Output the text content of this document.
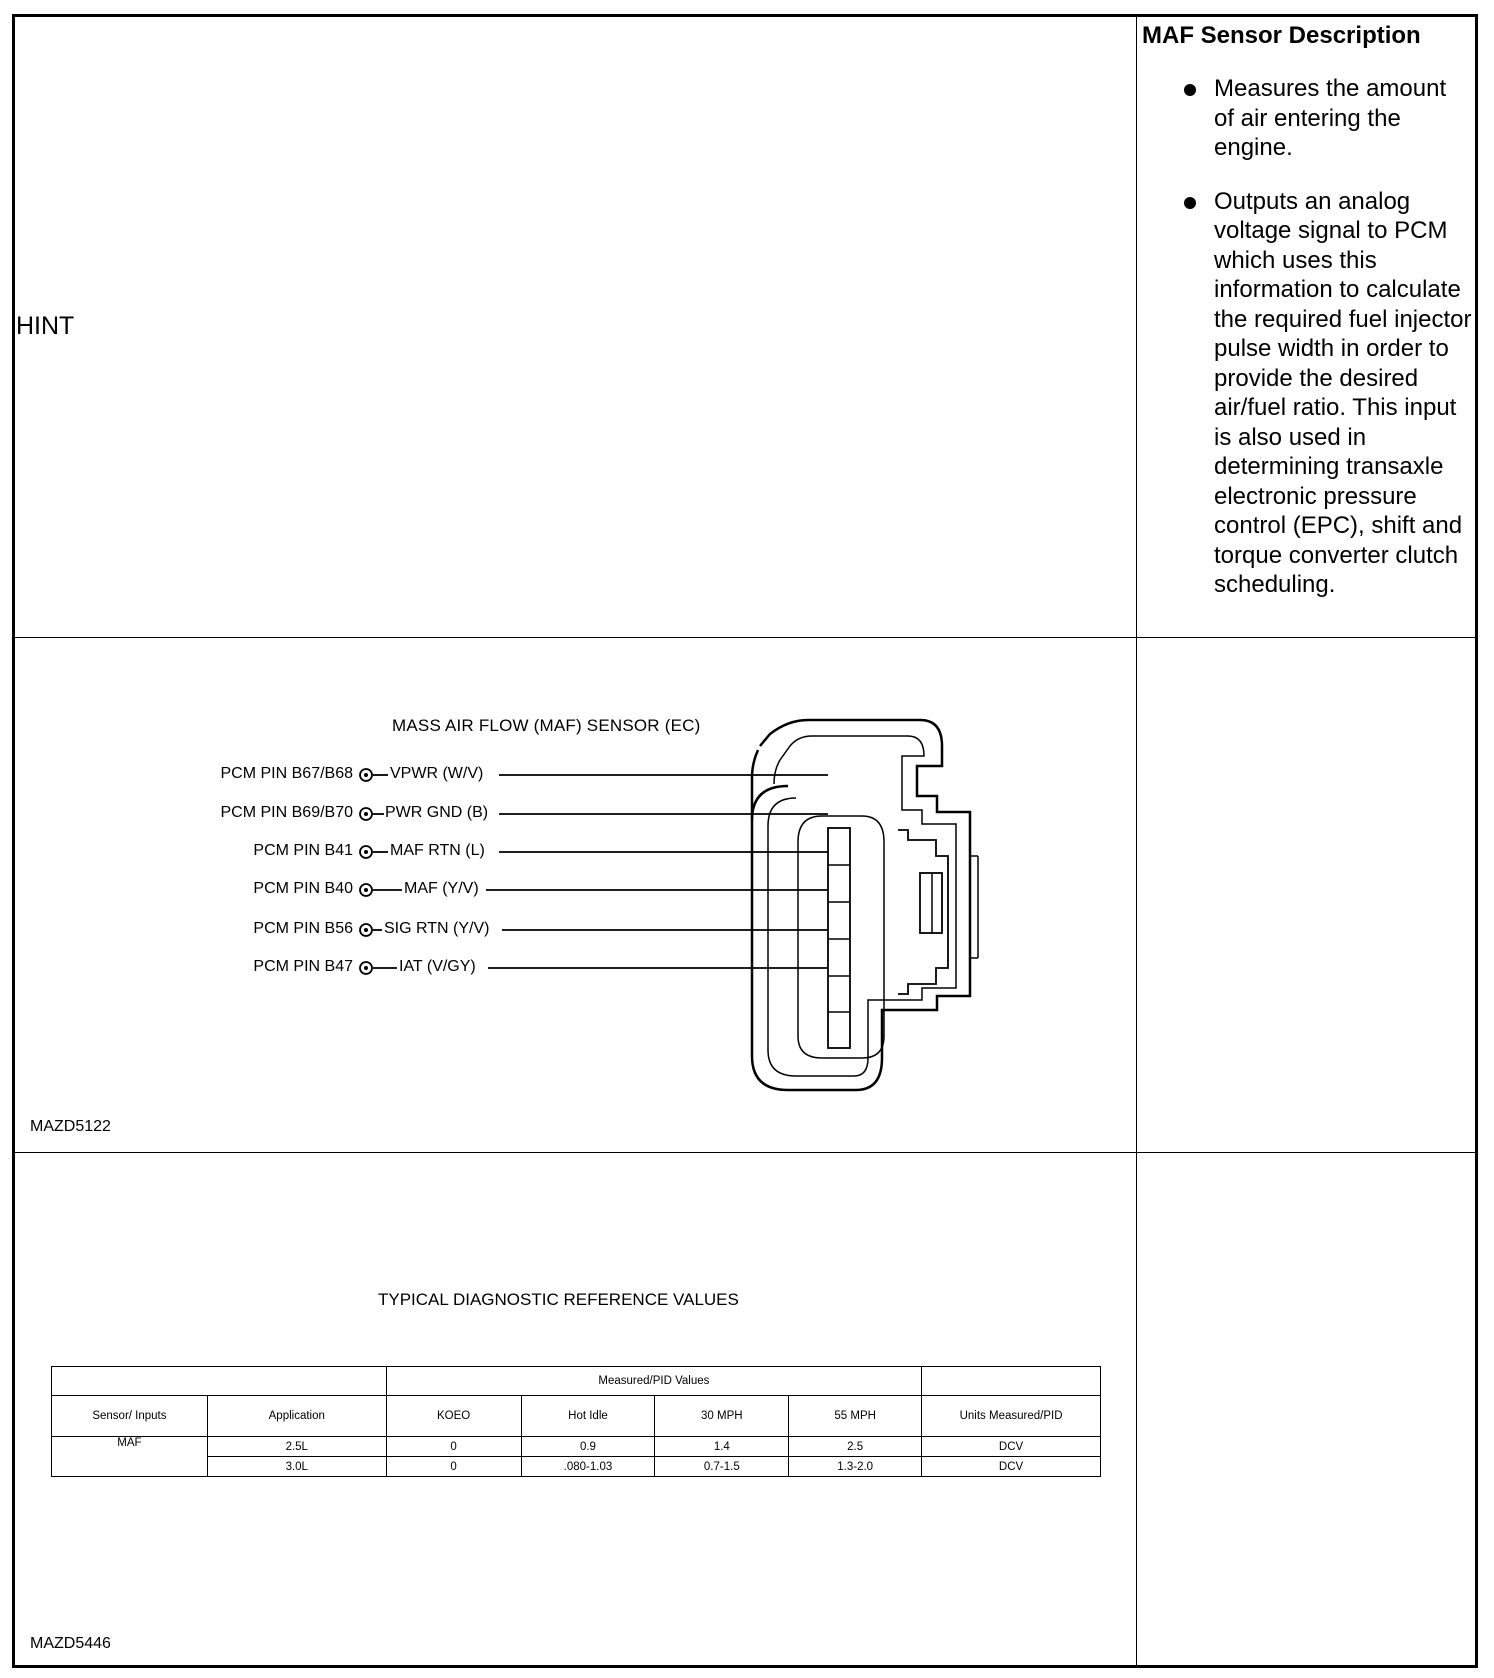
HINT
MAF Sensor Description
Measures the amount of air entering the engine.
Outputs an analog voltage signal to PCM which uses this information to calculate the required fuel injector pulse width in order to provide the desired air/fuel ratio. This input is also used in determining transaxle electronic pressure control (EPC), shift and torque converter clutch scheduling.
MASS AIR FLOW (MAF) SENSOR (EC)
PCM PIN B67/B68 VPWR (W/V)
PCM PIN B69/B70 PWR GND (B)
PCM PIN B41 MAF RTN (L)
PCM PIN B40	MAF (Y/V)
PCM PIN B56 SIG RTN (Y/V)
PCM PIN B47	IAT (V/GY)
MAZD5122
TYPICAL DIAGNOSTIC REFERENCE VALUES
		Measured/PID Values				
Sensor/ Inputs	Application	KOEO	Hot Idle	30 MPH	55 MPH	Units Measured/PID
MAF	2.5L	0	0.9	1.4	2.5	DCV
	3.0L	0	.080-1.03	0.7-1.5	1.3-2.0	DCV
MAZD5446
